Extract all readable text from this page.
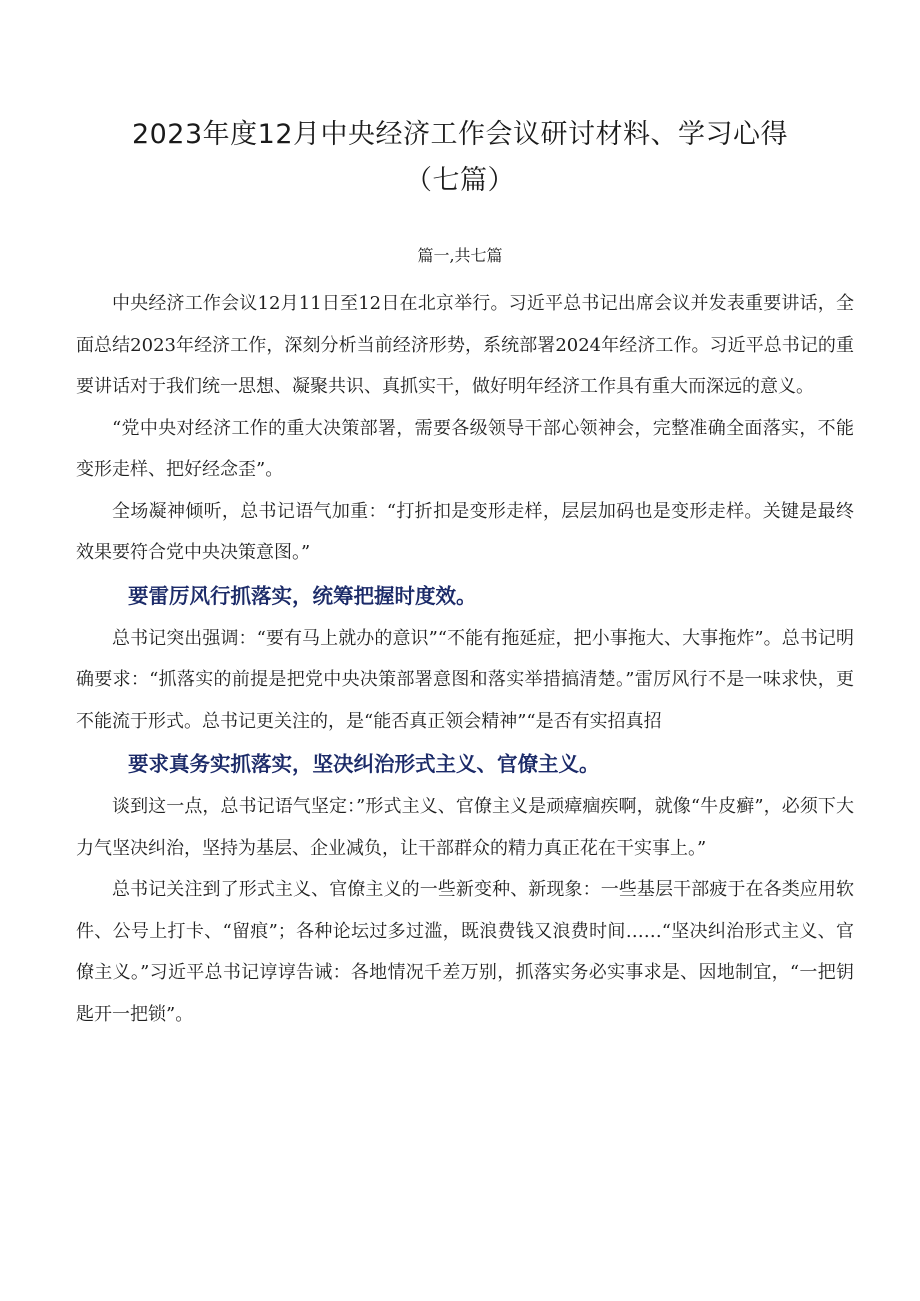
2023年度12月中央经济工作会议研讨材料、学习心得
（七篇）
篇一,共七篇

中央经济工作会议12月11日至12日在北京举行。习近平总书记出席会议并发表重要讲话，全面总结2023年经济工作，深刻分析当前经济形势，系统部署2024年经济工作。习近平总书记的重要讲话对于我们统一思想、凝聚共识、真抓实干，做好明年经济工作具有重大而深远的意义。

“党中央对经济工作的重大决策部署，需要各级领导干部心领神会，完整准确全面落实，不能变形走样、把好经念歪”。

全场凝神倾听，总书记语气加重：“打折扣是变形走样，层层加码也是变形走样。关键是最终效果要符合党中央决策意图。”

要雷厉风行抓落实，统筹把握时度效。

总书记突出强调：“要有马上就办的意识”“不能有拖延症，把小事拖大、大事拖炸”。总书记明确要求：“抓落实的前提是把党中央决策部署意图和落实举措搞清楚。”雷厉风行不是一味求快，更不能流于形式。总书记更关注的，是“能否真正领会精神”“是否有实招真招

要求真务实抓落实，坚决纠治形式主义、官僚主义。

谈到这一点，总书记语气坚定：”形式主义、官僚主义是顽瘴痼疾啊，就像“牛皮癣”，必须下大力气坚决纠治，坚持为基层、企业减负，让干部群众的精力真正花在干实事上。”

总书记关注到了形式主义、官僚主义的一些新变种、新现象：一些基层干部疲于在各类应用软件、公号上打卡、“留痕”；各种论坛过多过滥，既浪费钱又浪费时间……“坚决纠治形式主义、官僚主义。”习近平总书记谆谆告诫：各地情况千差万别，抓落实务必实事求是、因地制宜，“一把钥匙开一把锁”。
